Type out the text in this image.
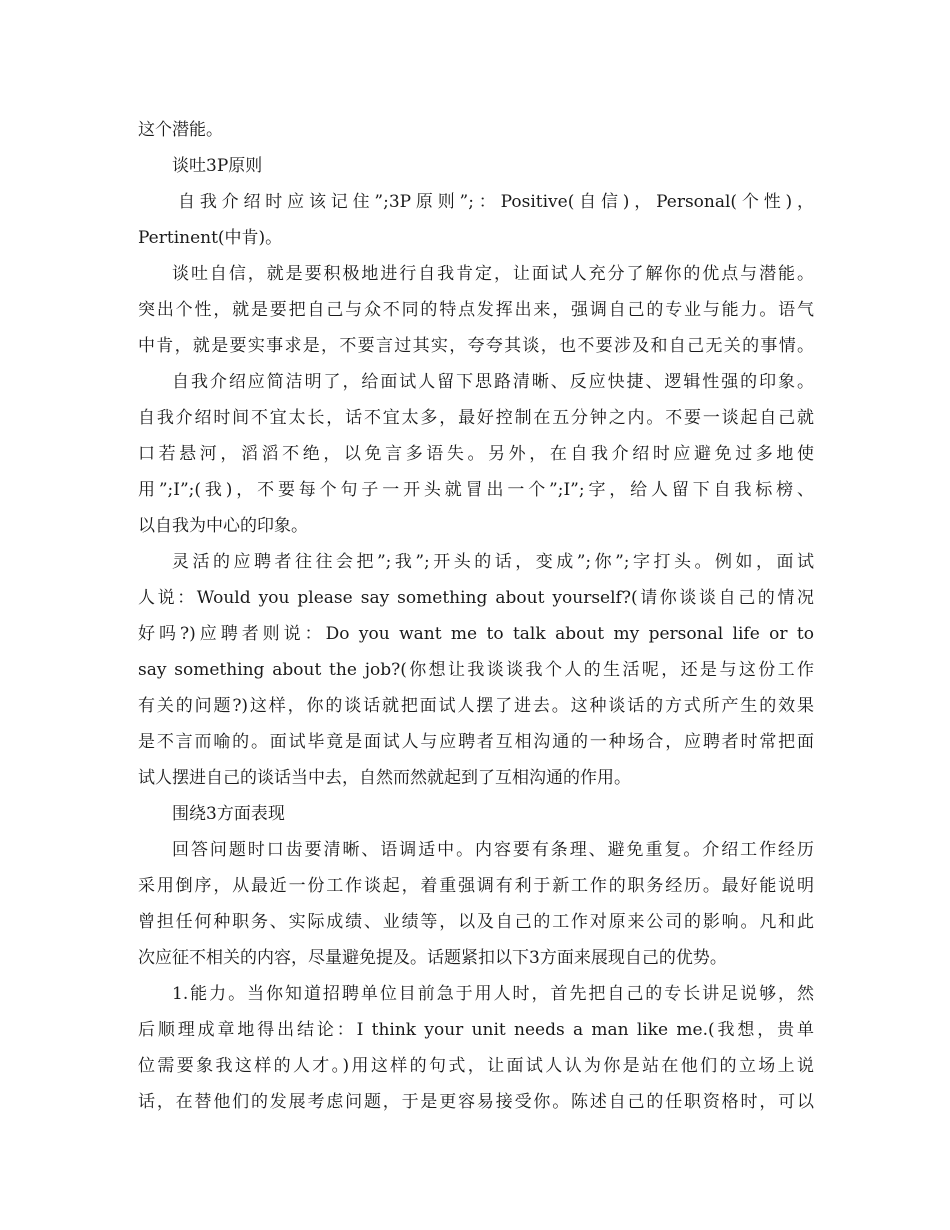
这个潜能。
谈吐3P原则
自我介绍时应该记住”;3P原则”;：Positive(自信)，Personal(个性)，
Pertinent(中肯)。
谈吐自信，就是要积极地进行自我肯定，让面试人充分了解你的优点与潜能。
突出个性，就是要把自己与众不同的特点发挥出来，强调自己的专业与能力。语气
中肯，就是要实事求是，不要言过其实，夸夸其谈，也不要涉及和自己无关的事情。
自我介绍应简洁明了，给面试人留下思路清晰、反应快捷、逻辑性强的印象。
自我介绍时间不宜太长，话不宜太多，最好控制在五分钟之内。不要一谈起自己就
口若悬河，滔滔不绝，以免言多语失。另外，在自我介绍时应避免过多地使
用”;I”;(我)，不要每个句子一开头就冒出一个”;I”;字，给人留下自我标榜、
以自我为中心的印象。
灵活的应聘者往往会把”;我”;开头的话，变成”;你”;字打头。例如，面试
人说：Would you please say something about yourself?(请你谈谈自己的情况
好吗?)应聘者则说：Do you want me to talk about my personal life or to
say something about the job?(你想让我谈谈我个人的生活呢，还是与这份工作
有关的问题?)这样，你的谈话就把面试人摆了进去。这种谈话的方式所产生的效果
是不言而喻的。面试毕竟是面试人与应聘者互相沟通的一种场合，应聘者时常把面
试人摆进自己的谈话当中去，自然而然就起到了互相沟通的作用。
围绕3方面表现
回答问题时口齿要清晰、语调适中。内容要有条理、避免重复。介绍工作经历
采用倒序，从最近一份工作谈起，着重强调有利于新工作的职务经历。最好能说明
曾担任何种职务、实际成绩、业绩等，以及自己的工作对原来公司的影响。凡和此
次应征不相关的内容，尽量避免提及。话题紧扣以下3方面来展现自己的优势。
1.能力。当你知道招聘单位目前急于用人时，首先把自己的专长讲足说够，然
后顺理成章地得出结论：I think your unit needs a man like me.(我想，贵单
位需要象我这样的人才。)用这样的句式，让面试人认为你是站在他们的立场上说
话，在替他们的发展考虑问题，于是更容易接受你。陈述自己的任职资格时，可以
